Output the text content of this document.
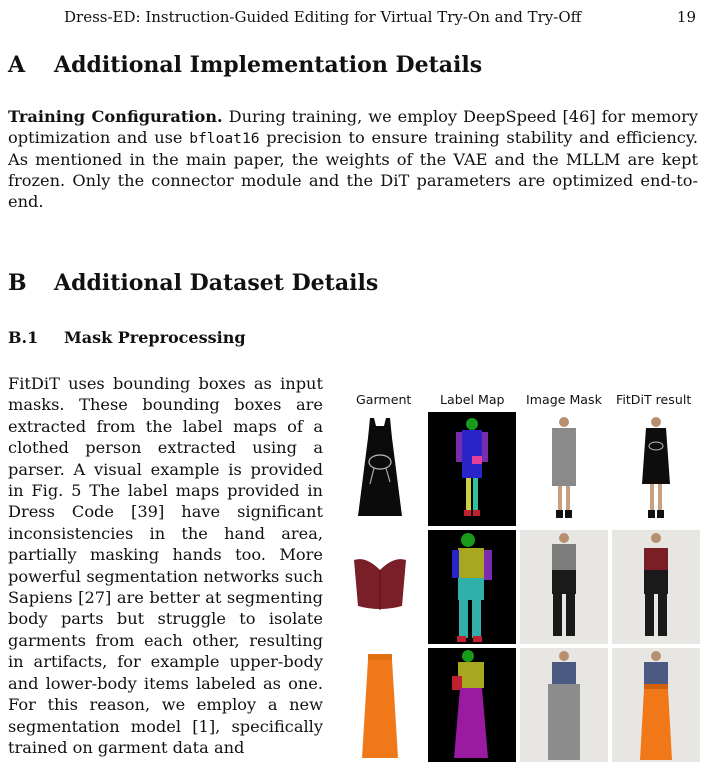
Dress-ED: Instruction-Guided Editing for Virtual Try-On and Try-Off	19
A Additional Implementation Details

Training Configuration. During training, we employ DeepSpeed [46] for memory optimization and use bfloat16 precision to ensure training stability and efficiency. As mentioned in the main paper, the weights of the VAE and the MLLM are kept frozen. Only the connector module and the DiT parameters are optimized end-to-end.

B Additional Dataset Details
B.1 Mask Preprocessing

FitDiT uses bounding boxes as input masks. These bounding boxes are extracted from the label maps of a clothed person extracted using a parser. A visual example is provided in Fig. 5 The label maps provided in Dress Code [39] have significant inconsistencies in the hand area, partially masking hands too. More powerful segmentation networks such Sapiens [27] are better at segmenting body parts but struggle to isolate garments from each other, resulting in artifacts, for example upper-body and lower-body items labeled as one. For this reason, we employ a new segmentation model [1], specifically trained on garment data and

Garment Label Map Image Mask FitDiT result
